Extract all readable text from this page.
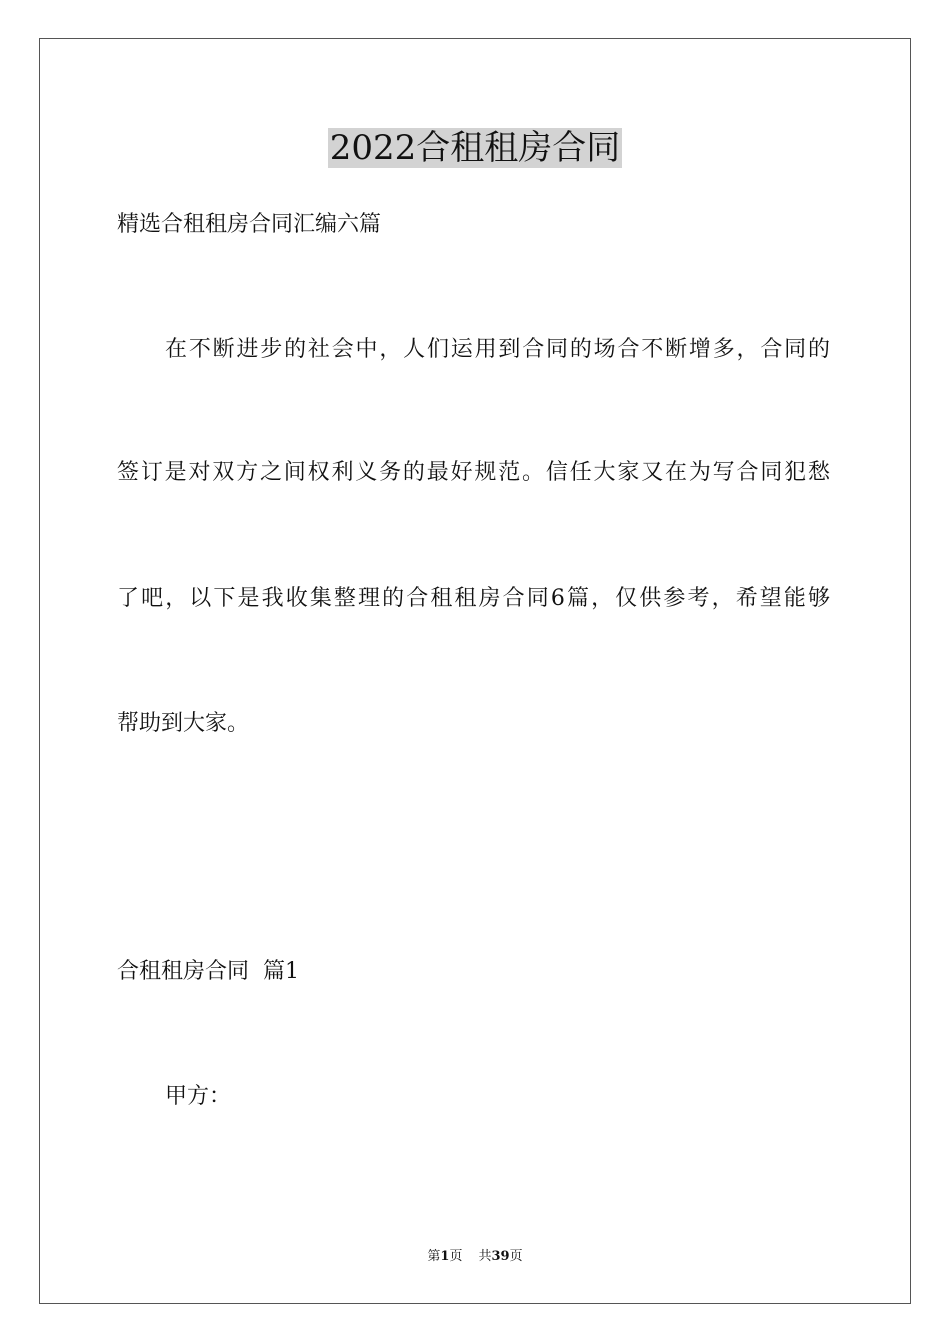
2022合租租房合同

精选合租租房合同汇编六篇

在不断进步的社会中，人们运用到合同的场合不断增多，合同的

签订是对双方之间权利义务的最好规范。信任大家又在为写合同犯愁

了吧，以下是我收集整理的合租租房合同6篇，仅供参考，希望能够

帮助到大家。

合租租房合同  篇1

甲方：

第1页 共39页
